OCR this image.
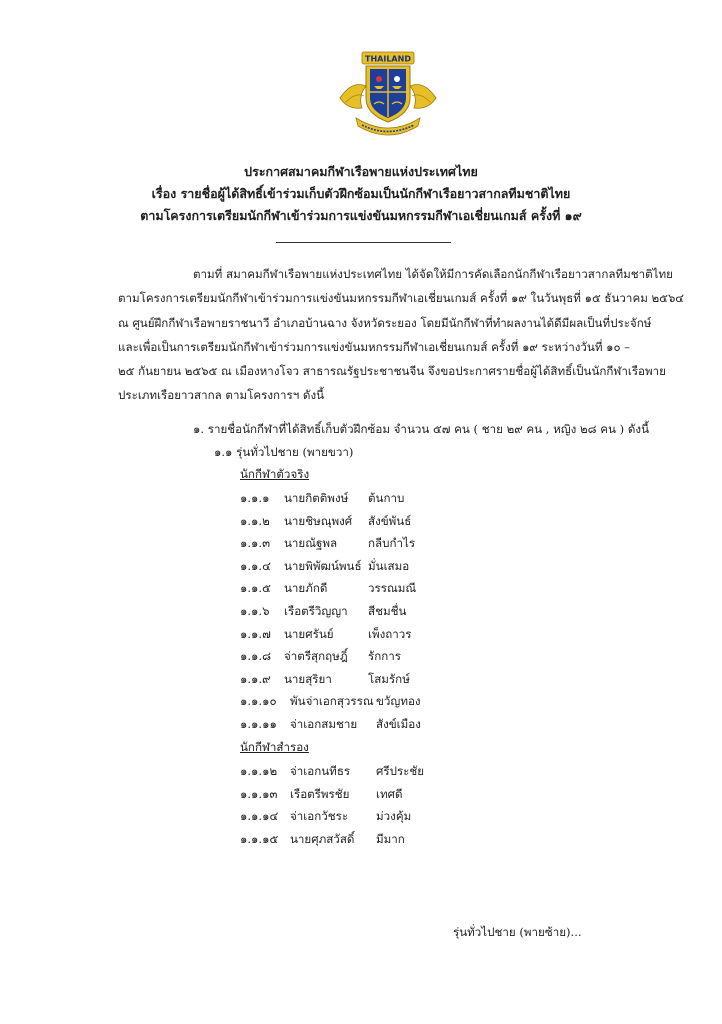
THAILAND
ประกาศสมาคมกีฬาเรือพายแห่งประเทศไทย
เรื่อง รายชื่อผู้ได้สิทธิ์เข้าร่วมเก็บตัวฝึกซ้อมเป็นนักกีฬาเรือยาวสากลทีมชาติไทย
ตามโครงการเตรียมนักกีฬาเข้าร่วมการแข่งขันมหกรรมกีฬาเอเชี่ยนเกมส์ ครั้งที่ ๑๙
ตามที่ สมาคมกีฬาเรือพายแห่งประเทศไทย ได้จัดให้มีการคัดเลือกนักกีฬาเรือยาวสากลทีมชาติไทย
ตามโครงการเตรียมนักกีฬาเข้าร่วมการแข่งขันมหกรรมกีฬาเอเชี่ยนเกมส์ ครั้งที่ ๑๙ ในวันพุธที่ ๑๕ ธันวาคม ๒๕๖๔
ณ ศูนย์ฝึกกีฬาเรือพายราชนาวี อำเภอบ้านฉาง จังหวัดระยอง โดยมีนักกีฬาที่ทำผลงานได้ดีมีผลเป็นที่ประจักษ์
และเพื่อเป็นการเตรียมนักกีฬาเข้าร่วมการแข่งขันมหกรรมกีฬาเอเชี่ยนเกมส์ ครั้งที่ ๑๙ ระหว่างวันที่ ๑๐ –
๒๕ กันยายน ๒๕๖๕ ณ เมืองหางโจว สาธารณรัฐประชาชนจีน จึงขอประกาศรายชื่อผู้ได้สิทธิ์เป็นนักกีฬาเรือพาย
ประเภทเรือยาวสากล ตามโครงการฯ ดังนี้
๑. รายชื่อนักกีฬาที่ได้สิทธิ์เก็บตัวฝึกซ้อม จำนวน ๕๗ คน ( ชาย ๒๙ คน , หญิง ๒๘ คน ) ดังนี้
๑.๑ รุ่นทั่วไปชาย (พายขวา)
นักกีฬาตัวจริง
๑.๑.๑ นายกิตติพงษ์ ต้นกาบ
๑.๑.๒ นายชิษณุพงศ์ สังข์พันธ์
๑.๑.๓ นายณัฐพล	กลีบกำไร
๑.๑.๔ นายพิพัฒน์พนธ์ มั่นเสมอ
๑.๑.๕ นายภักดี	วรรณมณี
๑.๑.๖ เรือตรีวิญญา สีชมชื่น
๑.๑.๗ นายศรันย์	เพ็งถาวร
๑.๑.๘ จ่าตรีสุกฤษฎิ์ รักการ
๑.๑.๙ นายสุริยา	โสมรักษ์
๑.๑.๑๐ พันจ่าเอกสุวรรณ ขวัญทอง
๑.๑.๑๑ จ่าเอกสมชาย สังข์เมือง
นักกีฬาสำรอง
๑.๑.๑๒ จ่าเอกนทีธร ศรีประชัย
๑.๑.๑๓ เรือตรีพรชัย เทศดี
๑.๑.๑๔ จ่าเอกวัชระ ม่วงคุ้ม
๑.๑.๑๕ นายศุภสวัสดิ์ มีมาก
รุ่นทั่วไปชาย (พายซ้าย)...
